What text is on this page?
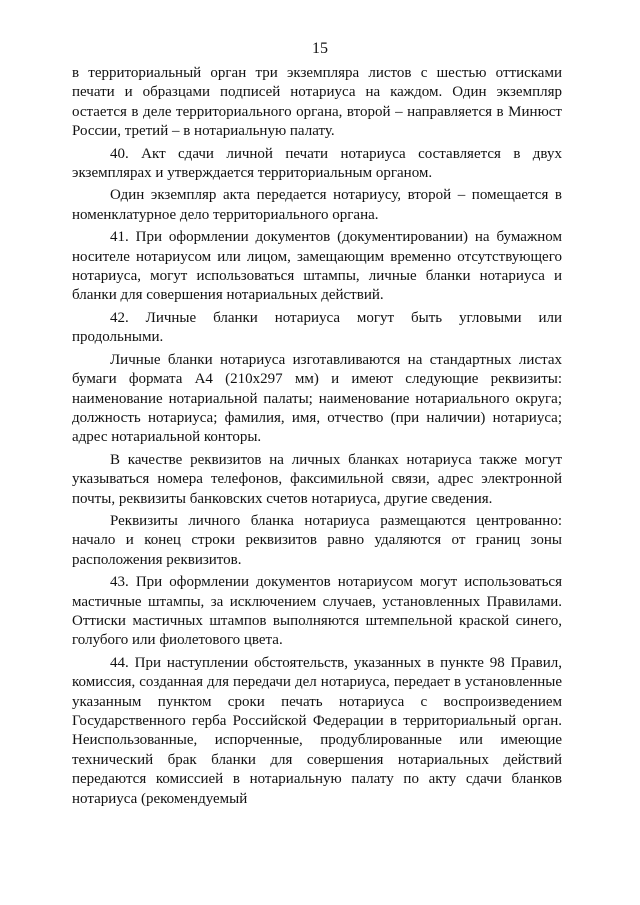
15

в территориальный орган три экземпляра листов с шестью оттисками печати и образцами подписей нотариуса на каждом. Один экземпляр остается в деле территориального органа, второй – направляется в Минюст России, третий – в нотариальную палату.

40. Акт сдачи личной печати нотариуса составляется в двух экземплярах и утверждается территориальным органом.

Один экземпляр акта передается нотариусу, второй – помещается в номенклатурное дело территориального органа.

41. При оформлении документов (документировании) на бумажном носителе нотариусом или лицом, замещающим временно отсутствующего нотариуса, могут использоваться штампы, личные бланки нотариуса и бланки для совершения нотариальных действий.

42. Личные бланки нотариуса могут быть угловыми или продольными.

Личные бланки нотариуса изготавливаются на стандартных листах бумаги формата А4 (210х297 мм) и имеют следующие реквизиты: наименование нотариальной палаты; наименование нотариального округа; должность нотариуса; фамилия, имя, отчество (при наличии) нотариуса; адрес нотариальной конторы.

В качестве реквизитов на личных бланках нотариуса также могут указываться номера телефонов, факсимильной связи, адрес электронной почты, реквизиты банковских счетов нотариуса, другие сведения.

Реквизиты личного бланка нотариуса размещаются центрованно: начало и конец строки реквизитов равно удаляются от границ зоны расположения реквизитов.

43. При оформлении документов нотариусом могут использоваться мастичные штампы, за исключением случаев, установленных Правилами. Оттиски мастичных штампов выполняются штемпельной краской синего, голубого или фиолетового цвета.

44. При наступлении обстоятельств, указанных в пункте 98 Правил, комиссия, созданная для передачи дел нотариуса, передает в установленные указанным пунктом сроки печать нотариуса с воспроизведением Государственного герба Российской Федерации в территориальный орган. Неиспользованные, испорченные, продублированные или имеющие технический брак бланки для совершения нотариальных действий передаются комиссией в нотариальную палату по акту сдачи бланков нотариуса (рекомендуемый
